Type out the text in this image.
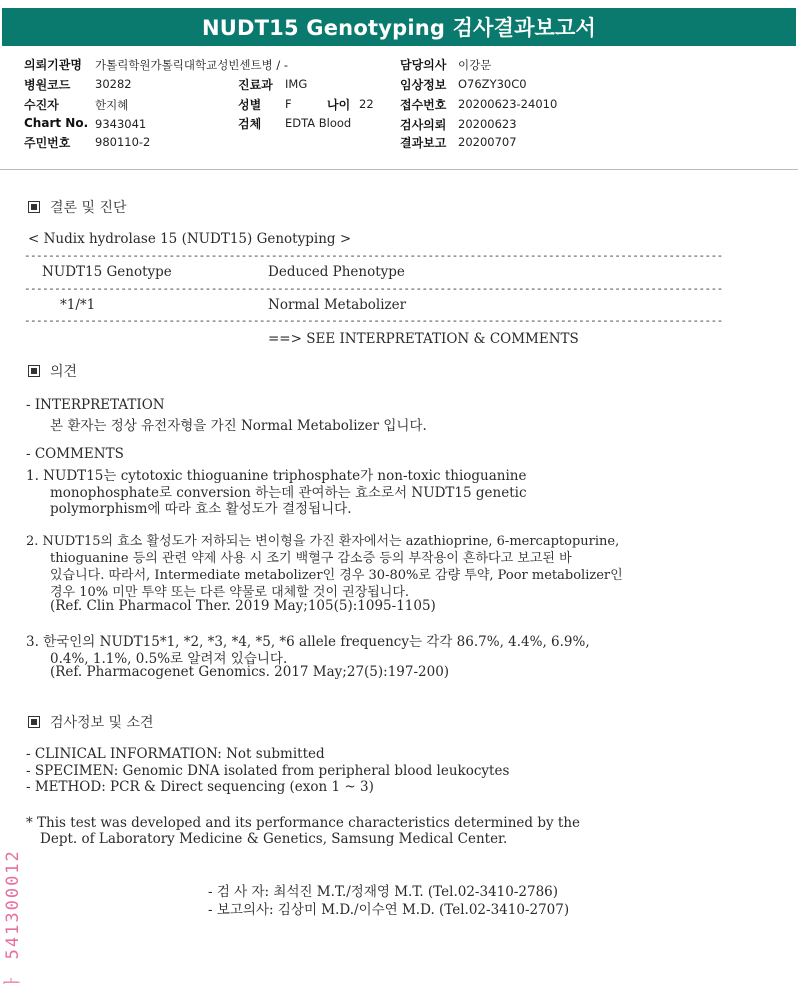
NUDT15 Genotyping 검사결과보고서
의뢰기관명 가톨릭학원가톨릭대학교성빈센트병 / -
병원코드 30282
수진자	한지혜
Chart No. 9343041
주민번호 980110-2
진료과 IMG
성별 F	나이 22
검체 EDTA Blood
담당의사 이강문
임상정보 O76ZY30C0
접수번호 20200623-24010
검사의뢰 20200623
결과보고 20200707
결론 및 진단
< Nudix hydrolase 15 (NUDT15) Genotyping >
--------------------------------------------------------------------------------------------------------------------
NUDT15 Genotype	Deduced Phenotype
--------------------------------------------------------------------------------------------------------------------
*1/*1	Normal Metabolizer
--------------------------------------------------------------------------------------------------------------------
==> SEE INTERPRETATION & COMMENTS
의견
- INTERPRETATION
본 환자는 정상 유전자형을 가진 Normal Metabolizer 입니다.
- COMMENTS
1. NUDT15는 cytotoxic thioguanine triphosphate가 non-toxic thioguanine
monophosphate로 conversion 하는데 관여하는 효소로서 NUDT15 genetic
polymorphism에 따라 효소 활성도가 결정됩니다.
2. NUDT15의 효소 활성도가 저하되는 변이형을 가진 환자에서는 azathioprine, 6-mercaptopurine,
thioguanine 등의 관련 약제 사용 시 조기 백혈구 감소증 등의 부작용이 흔하다고 보고된 바
있습니다. 따라서, Intermediate metabolizer인 경우 30-80%로 감량 투약, Poor metabolizer인
경우 10% 미만 투약 또는 다른 약물로 대체할 것이 권장됩니다.
(Ref. Clin Pharmacol Ther. 2019 May;105(5):1095-1105)
3. 한국인의 NUDT15*1, *2, *3, *4, *5, *6 allele frequency는 각각 86.7%, 4.4%, 6.9%,
0.4%, 1.1%, 0.5%로 알려져 있습니다.
(Ref. Pharmacogenet Genomics. 2017 May;27(5):197-200)
검사정보 및 소견
- CLINICAL INFORMATION: Not submitted
- SPECIMEN: Genomic DNA isolated from peripheral blood leukocytes
- METHOD: PCR & Direct sequencing (exon 1 ~ 3)
* This test was developed and its performance characteristics determined by the
Dept. of Laboratory Medicine & Genetics, Samsung Medical Center.
- 검 사 자: 최석진 M.T./정재영 M.T. (Tel.02-3410-2786)
- 보고의사: 김상미 M.D./이수연 M.D. (Tel.02-3410-2707)
ㅏ 541300012
